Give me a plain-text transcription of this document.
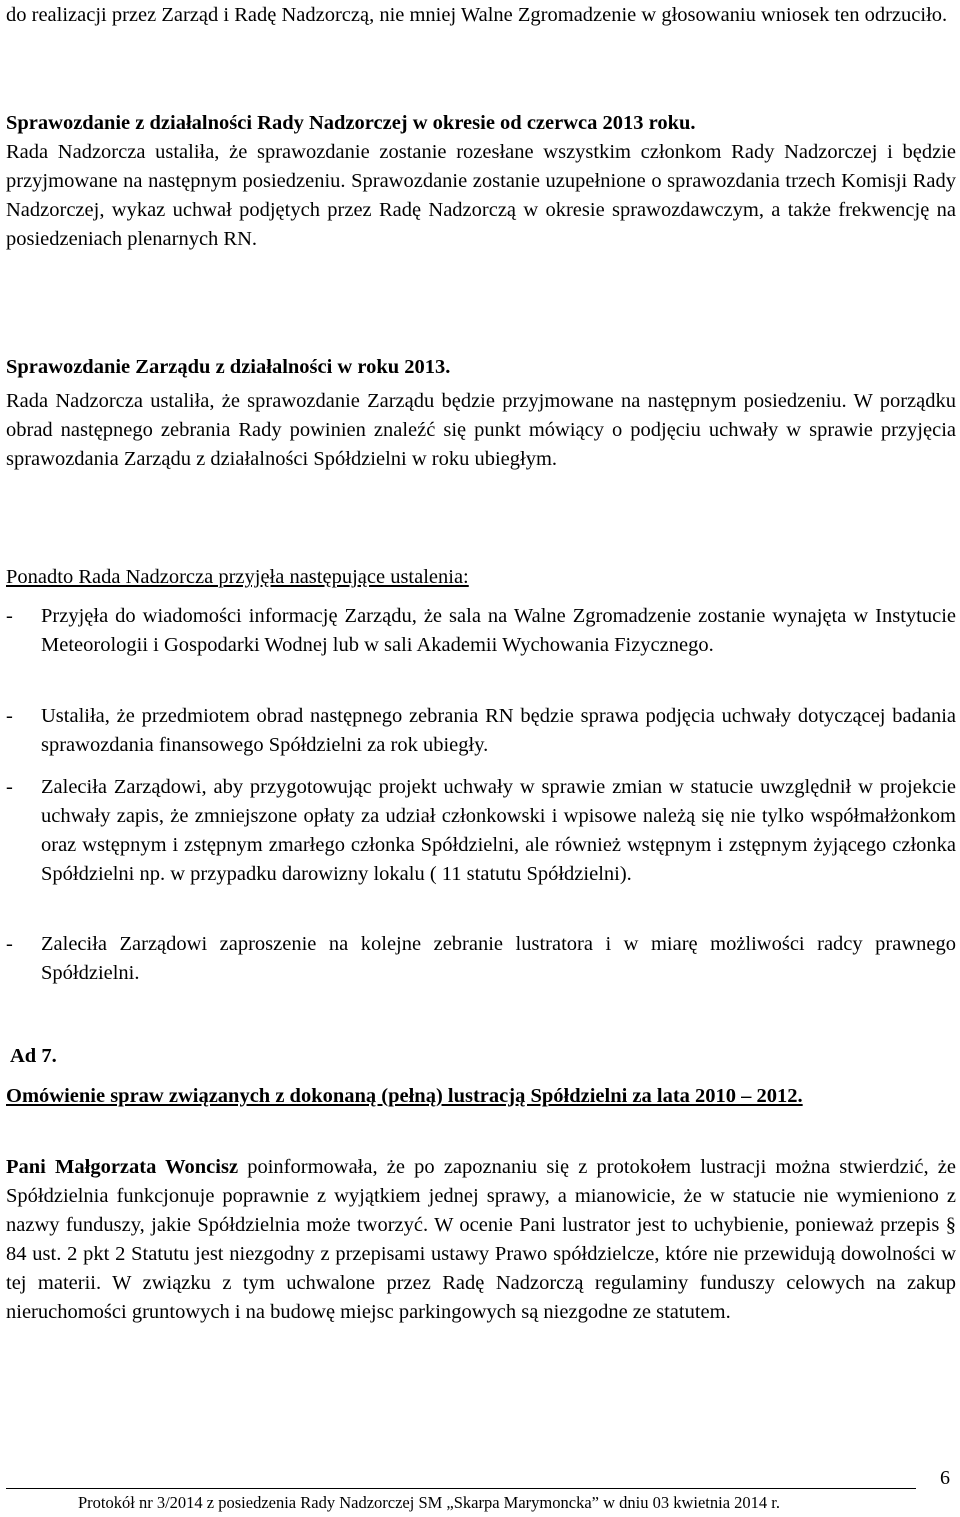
do realizacji przez Zarząd i Radę Nadzorczą, nie mniej Walne Zgromadzenie w głosowaniu wniosek ten odrzuciło.

Sprawozdanie z działalności Rady Nadzorczej w okresie od czerwca 2013 roku.

Rada Nadzorcza ustaliła, że sprawozdanie zostanie rozesłane wszystkim członkom Rady Nadzorczej i będzie przyjmowane na następnym posiedzeniu. Sprawozdanie zostanie uzupełnione o sprawozdania trzech Komisji Rady Nadzorczej, wykaz uchwał podjętych przez Radę Nadzorczą w okresie sprawozdawczym, a także frekwencję na posiedzeniach plenarnych RN.

Sprawozdanie Zarządu z działalności w roku 2013.

Rada Nadzorcza ustaliła, że sprawozdanie Zarządu będzie przyjmowane na następnym posiedzeniu. W porządku obrad następnego zebrania Rady powinien znaleźć się punkt mówiący o podjęciu uchwały w sprawie przyjęcia sprawozdania Zarządu z działalności Spółdzielni w roku ubiegłym.

Ponadto Rada Nadzorcza przyjęła następujące ustalenia:

- Przyjęła do wiadomości informację Zarządu, że sala na Walne Zgromadzenie zostanie wynajęta w Instytucie Meteorologii i Gospodarki Wodnej lub w sali Akademii Wychowania Fizycznego.

- Ustaliła, że przedmiotem obrad następnego zebrania RN będzie sprawa podjęcia uchwały dotyczącej badania sprawozdania finansowego Spółdzielni za rok ubiegły.

- Zaleciła Zarządowi, aby przygotowując projekt uchwały w sprawie zmian w statucie uwzględnił w projekcie uchwały zapis, że zmniejszone opłaty za udział członkowski i wpisowe należą się nie tylko współmałżonkom oraz wstępnym i zstępnym zmarłego członka Spółdzielni, ale również wstępnym i zstępnym żyjącego członka Spółdzielni np. w przypadku darowizny lokalu ( 11 statutu Spółdzielni).

- Zaleciła Zarządowi zaproszenie na kolejne zebranie lustratora i w miarę możliwości radcy prawnego Spółdzielni.

Ad 7.

Omówienie spraw związanych z dokonaną (pełną) lustracją Spółdzielni za lata 2010 – 2012.

Pani Małgorzata Woncisz poinformowała, że po zapoznaniu się z protokołem lustracji można stwierdzić, że Spółdzielnia funkcjonuje poprawnie z wyjątkiem jednej sprawy, a mianowicie, że w statucie nie wymieniono z nazwy funduszy, jakie Spółdzielnia może tworzyć. W ocenie Pani lustrator jest to uchybienie, ponieważ przepis § 84 ust. 2 pkt 2 Statutu jest niezgodny z przepisami ustawy Prawo spółdzielcze, które nie przewidują dowolności w tej materii. W związku z tym uchwalone przez Radę Nadzorczą regulaminy funduszy celowych na zakup nieruchomości gruntowych i na budowę miejsc parkingowych są niezgodne ze statutem.

6
Protokół nr 3/2014 z posiedzenia Rady Nadzorczej SM „Skarpa Marymoncka” w dniu 03 kwietnia 2014 r.
